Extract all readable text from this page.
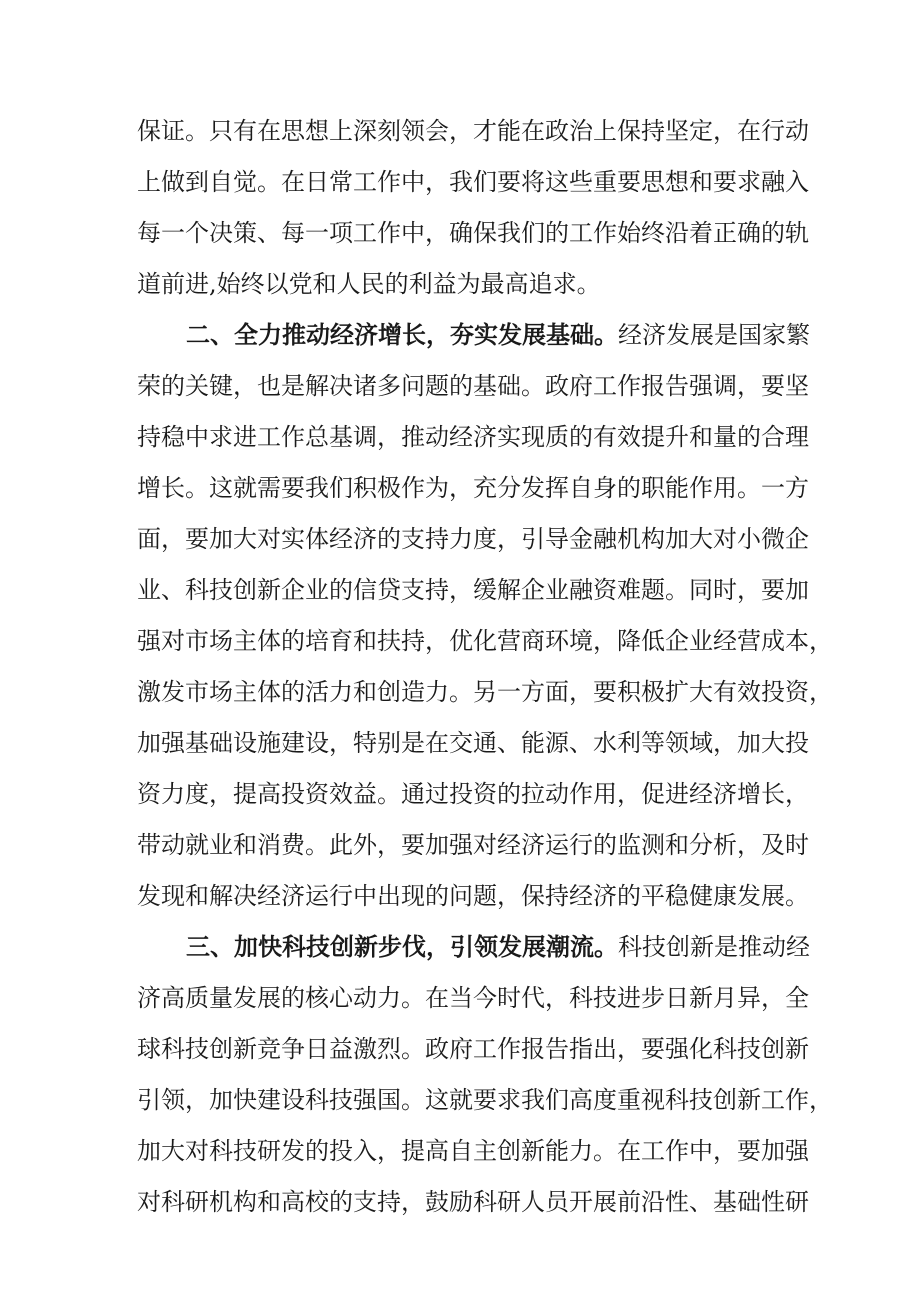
保证。只有在思想上深刻领会，才能在政治上保持坚定，在行动
上做到自觉。在日常工作中，我们要将这些重要思想和要求融入
每一个决策、每一项工作中，确保我们的工作始终沿着正确的轨
道前进,始终以党和人民的利益为最高追求。
二、全力推动经济增长，夯实发展基础。经济发展是国家繁
荣的关键，也是解决诸多问题的基础。政府工作报告强调，要坚
持稳中求进工作总基调，推动经济实现质的有效提升和量的合理
增长。这就需要我们积极作为，充分发挥自身的职能作用。一方
面，要加大对实体经济的支持力度，引导金融机构加大对小微企
业、科技创新企业的信贷支持，缓解企业融资难题。同时，要加
强对市场主体的培育和扶持，优化营商环境，降低企业经营成本，
激发市场主体的活力和创造力。另一方面，要积极扩大有效投资，
加强基础设施建设，特别是在交通、能源、水利等领域，加大投
资力度，提高投资效益。通过投资的拉动作用，促进经济增长，
带动就业和消费。此外，要加强对经济运行的监测和分析，及时
发现和解决经济运行中出现的问题，保持经济的平稳健康发展。
三、加快科技创新步伐，引领发展潮流。科技创新是推动经
济高质量发展的核心动力。在当今时代，科技进步日新月异，全
球科技创新竞争日益激烈。政府工作报告指出，要强化科技创新
引领，加快建设科技强国。这就要求我们高度重视科技创新工作，
加大对科技研发的投入，提高自主创新能力。在工作中，要加强
对科研机构和高校的支持，鼓励科研人员开展前沿性、基础性研
